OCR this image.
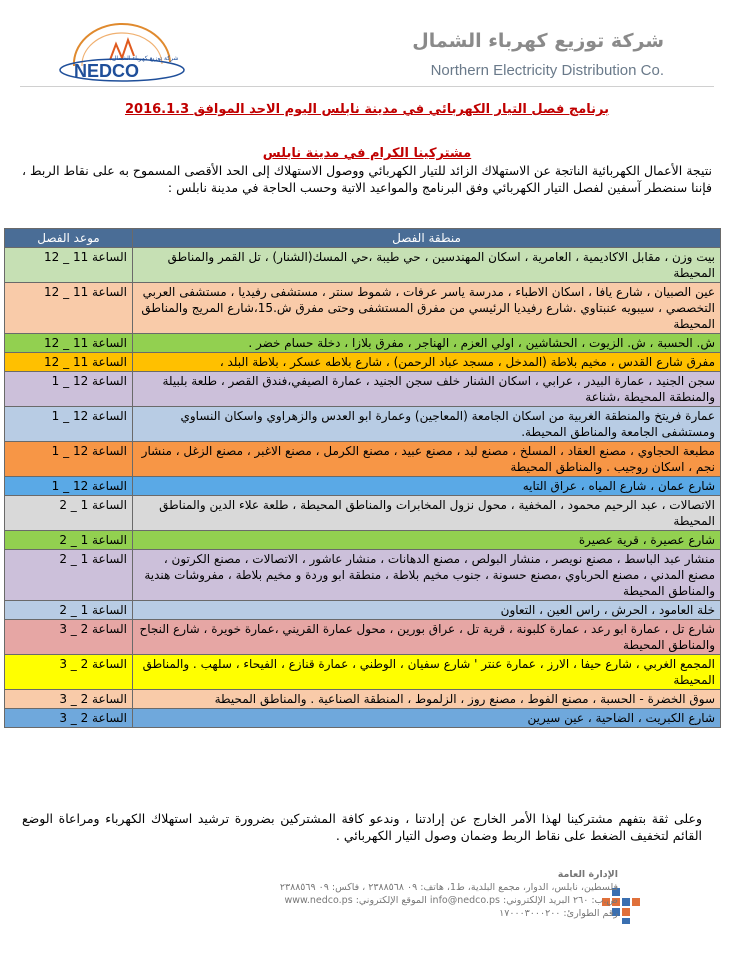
NEDCO
شركة توزيع كهرباء الشمال
شركة توزيع كهرباء الشمال
Northern Electricity Distribution Co.
برنامج فصل التيار الكهربائي في مدينة نابلس اليوم الاحد الموافق 2016.1.3
مشتركينا الكرام في مدينة نابلس
نتيجة الأعمال الكهربائية الناتجة عن الاستهلاك الزائد للتيار الكهربائي ووصول الاستهلاك إلى الحد الأقصى المسموح به على نقاط الربط ، فإننا سنضطر آسفين لفصل التيار الكهربائي وفق البرنامج والمواعيد الاتية وحسب الحاجة في مدينة نابلس :
منطقة الفصل	موعد الفصل
بيت وزن ، مقابل الاكاديمية ، العامرية ، اسكان المهندسين ، حي طيبة ،حي المسك(الشنار) ، تل القمر والمناطق المحيطة	الساعة 11 _ 12
عين الصبيان ، شارع يافا ، اسكان الاطباء ، مدرسة ياسر عرفات ، شموط سنتر ، مستشفى رفيديا ، مستشفى العربي التخصصي ، سيبويه عنبتاوي .شارع رفيديا الرئيسي من مفرق المستشفى وحتى مفرق ش.15،شارع المريج والمناطق المحيطة	الساعة 11 _ 12
ش. الحسبة ، ش. الزيوت ، الحشاشين ، اولي العزم ، الهناجر ، مفرق بلازا ، دخلة حسام خضر .	الساعة 11 _ 12
مفرق شارع القدس ، مخيم بلاطة (المدخل ، مسجد عباد الرحمن) ، شارع بلاطه عسكر ، بلاطة البلد ،	الساعة 11 _ 12
سجن الجنيد ، عمارة البيدر ، عرابي ، اسكان الشنار خلف سجن الجنيد ، عمارة الصيفي،فندق القصر ، طلعة بلبيلة والمنطقة المحيطة ،شناعة	الساعة 12 _ 1
عمارة فريتخ والمنطقة الغربية من اسكان الجامعة (المعاجين) وعمارة ابو العدس والزهراوي واسكان النساوي ومستشفى الجامعة والمناطق المحيطة.	الساعة 12 _ 1
مطبعة الحجاوي ، مصنع العقاد ، المسلخ ، مصنع لبد ، مصنع عبيد ، مصنع الكرمل ، مصنع الاغبر ، مصنع الزغل ، منشار نجم ، اسكان روجيب . والمناطق المحيطة	الساعة 12 _ 1
شارع عمان ، شارع المياه ، عراق التايه	الساعة 12 _ 1
الاتصالات ، عبد الرحيم محمود ، المخفية ، محول نزول المخابرات والمناطق المحيطة ، طلعة علاء الدين والمناطق المحيطة	الساعة 1 _ 2
شارع عصيرة ، قرية عصيرة	الساعة 1 _ 2
منشار عبد الباسط ، مصنع نويصر ، منشار البولص ، مصنع الدهانات ، منشار عاشور ، الاتصالات ، مصنع الكرتون ، مصنع المدني ، مصنع الحرباوي ،مصنع حسونة ، جنوب مخيم بلاطة ، منطقة ابو وردة و مخيم بلاطة ، مفروشات هندية والمناطق المحيطة	الساعة 1 _ 2
خلة العامود ، الحرش ، راس العين ، التعاون	الساعة 1 _ 2
شارع تل ، عمارة ابو رعد ، عمارة كلبونة ، قرية تل ، عراق بورين ، محول عمارة القريني ،عمارة خويرة ، شارع النجاح والمناطق المحيطة	الساعة 2 _ 3
المجمع الغربي ، شارع حيفا ، الارز ، عمارة عنتر ' شارع سفيان ، الوطني ، عمارة قنازع ، الفيحاء ، سلهب . والمناطق المحيطة	الساعة 2 _ 3
سوق الخضرة - الحسبة ، مصنع الفوط ، مصنع روز ، الزلموط ، المنطقة الصناعية . والمناطق المحيطة	الساعة 2 _ 3
شارع الكبريت ، الضاحية ، عين سيرين	الساعة 2 _ 3
وعلى ثقة بتفهم مشتركينا لهذا الأمر الخارج عن إرادتنا ، وندعو كافة المشتركين بضرورة ترشيد استهلاك الكهرباء ومراعاة الوضع القائم لتخفيف الضغط على نقاط الربط وضمان وصول التيار الكهربائي .
الإدارة العامة
فلسطين، نابلس، الدوار، مجمع البلدية، ط1، هاتف: ٠٩ ٢٣٨٨٥٦٨ ، فاكس: ٠٩ ٢٣٨٨٥٦٩
ص.ب: ٢٦٠ البريد الإلكتروني: info@nedco.ps الموقع الإلكتروني: www.nedco.ps
رقم الطوارئ: ١٧٠٠٠٣٠٠٠٢٠٠
